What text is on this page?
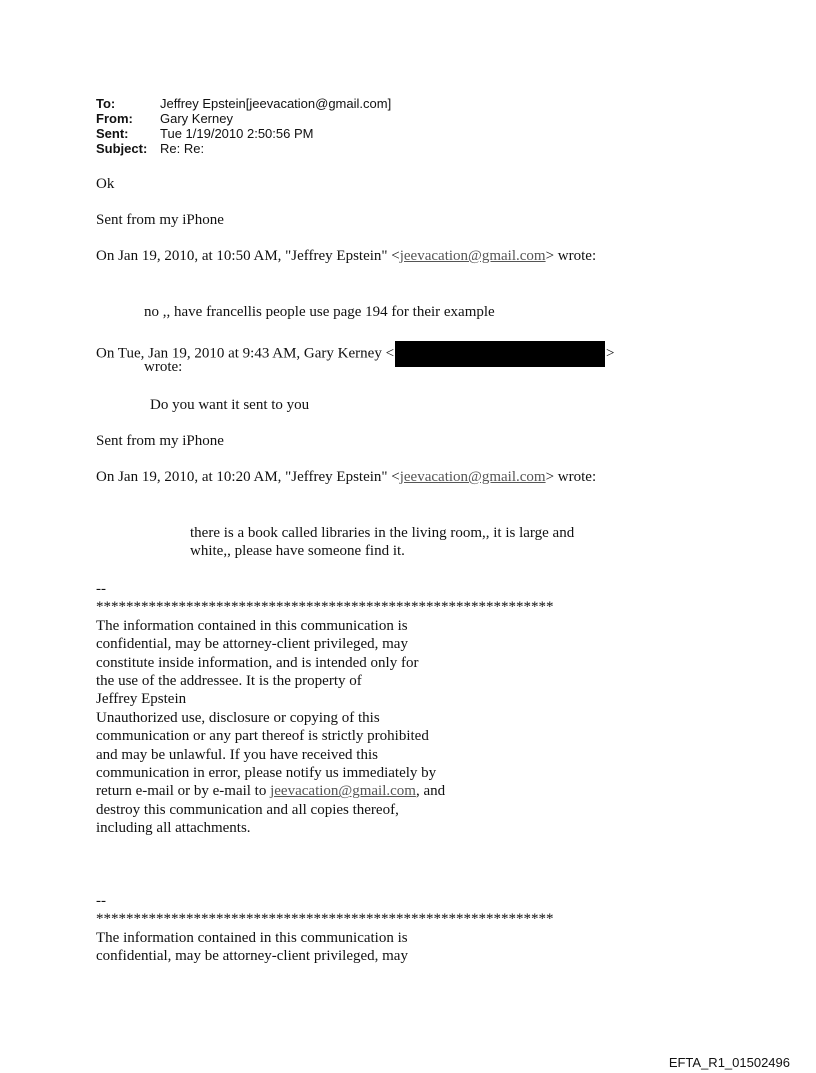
To:	Jeffrey Epstein[jeevacation@gmail.com]
From:	Gary Kerney
Sent:	Tue 1/19/2010 2:50:56 PM
Subject: Re: Re:
Ok
Sent from my iPhone
On Jan 19, 2010, at 10:50 AM, "Jeffrey Epstein" <jeevacation@gmail.com> wrote:
no ,, have francellis people use page 194 for their example
On Tue, Jan 19, 2010 at 9:43 AM, Gary Kerney <	>
wrote:
Do you want it sent to you
Sent from my iPhone
On Jan 19, 2010, at 10:20 AM, "Jeffrey Epstein" <jeevacation@gmail.com> wrote:
there is a book called libraries in the living room,, it is large and
white,, please have someone find it.
--
*************************************************************
The information contained in this communication is
confidential, may be attorney-client privileged, may
constitute inside information, and is intended only for
the use of the addressee. It is the property of
Jeffrey Epstein
Unauthorized use, disclosure or copying of this
communication or any part thereof is strictly prohibited
and may be unlawful. If you have received this
communication in error, please notify us immediately by
return e-mail or by e-mail to jeevacation@gmail.com, and
destroy this communication and all copies thereof,
including all attachments.
--
*************************************************************
The information contained in this communication is
confidential, may be attorney-client privileged, may
EFTA_R1_01502496
